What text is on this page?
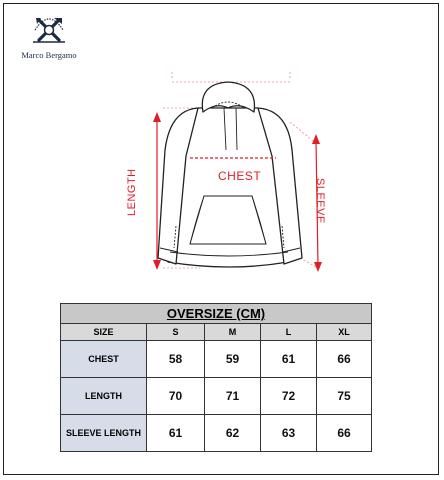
Marco Bergamo
CHEST
LENGTH	SLEEVE
OVERSIZE (CM)				
SIZE	S	M	L	XL
CHEST	58	59	61	66
LENGTH	70	71	72	75
SLEEVE LENGTH	61	62	63	66
